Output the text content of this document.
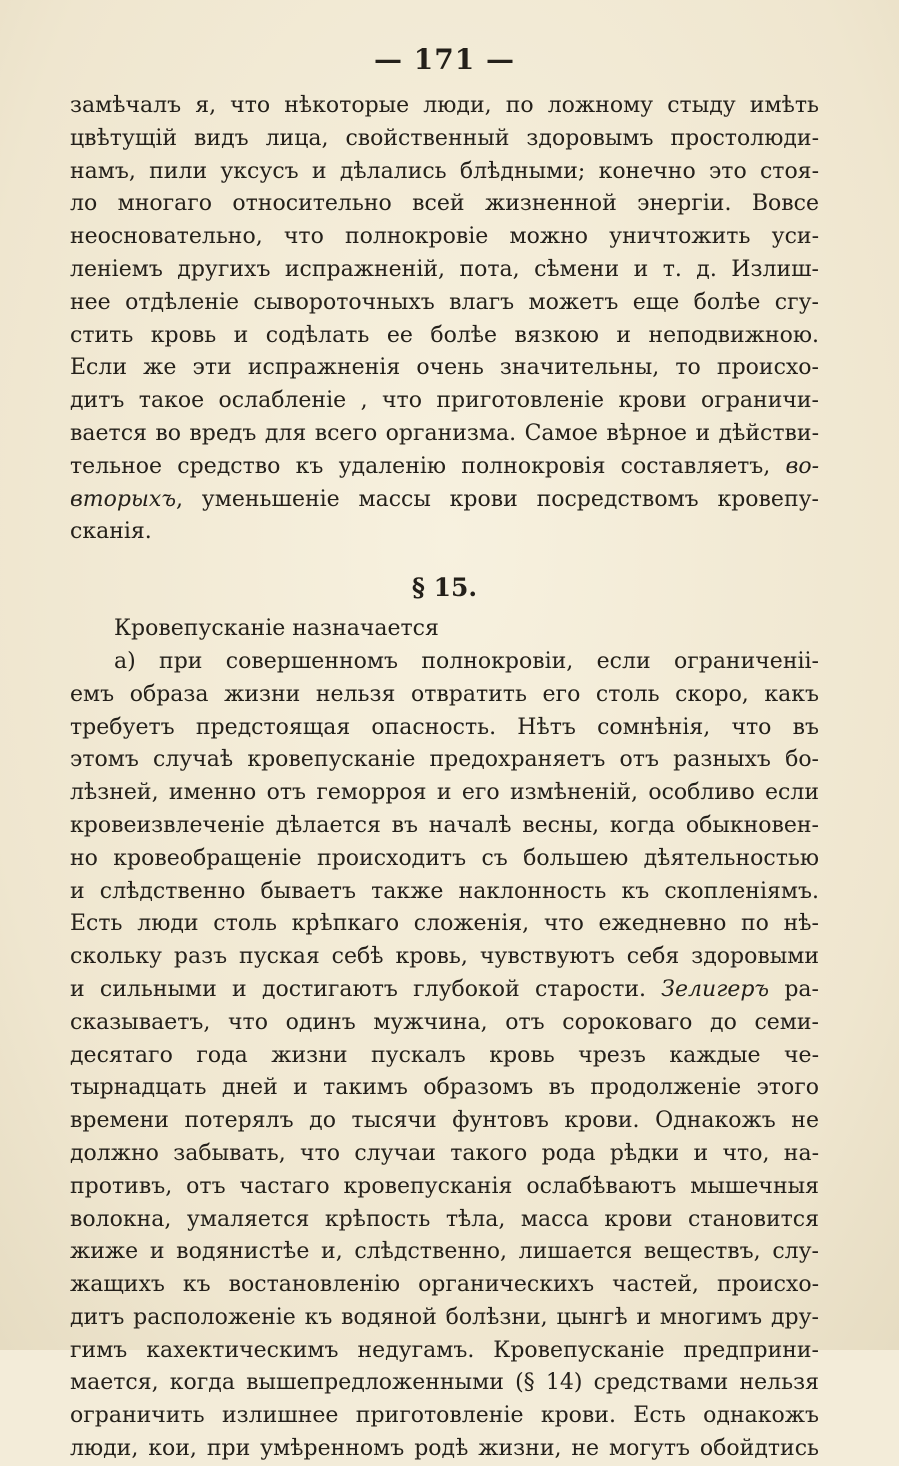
— 171 —
замѣчалъ я, что нѣкоторые люди, по ложному стыду имѣть
цвѣтущій видъ лица, свойственный здоровымъ простолюди-
намъ, пили уксусъ и дѣлались блѣдными; конечно это стоя-
ло многаго относительно всей жизненной энергіи. Вовсе
неосновательно, что полнокровіе можно уничтожить уси-
леніемъ другихъ испражненій, пота, сѣмени и т. д. Излиш-
нее отдѣленіе сывороточныхъ влагъ можетъ еще болѣе сгу-
стить кровь и содѣлать ее болѣе вязкою и неподвижною.
Если же эти испражненія очень значительны, то происхо-
дитъ такое ослабленіе , что приготовленіе крови ограничи-
вается во вредъ для всего организма. Самое вѣрное и дѣйстви-
тельное средство къ удаленію полнокровія составляетъ, во-
вторыхъ, уменьшеніе массы крови посредствомъ кровепу-
сканія.
§ 15.
Кровепусканіе назначается
а) при совершенномъ полнокровіи, если ограниченіі-
емъ образа жизни нельзя отвратить его столь скоро, какъ
требуетъ предстоящая опасность. Нѣтъ сомнѣнія, что въ
этомъ случаѣ кровепусканіе предохраняетъ отъ разныхъ бо-
лѣзней, именно отъ геморроя и его измѣненій, особливо если
кровеизвлеченіе дѣлается въ началѣ весны, когда обыкновен-
но кровеобращеніе происходитъ съ большею дѣятельностью
и слѣдственно бываетъ также наклонность къ скопленіямъ.
Есть люди столь крѣпкаго сложенія, что ежедневно по нѣ-
скольку разъ пуская себѣ кровь, чувствуютъ себя здоровыми
и сильными и достигаютъ глубокой старости. Зелигеръ ра-
сказываетъ, что одинъ мужчина, отъ сороковаго до семи-
десятаго года жизни пускалъ кровь чрезъ каждые че-
тырнадцать дней и такимъ образомъ въ продолженіе этого
времени потерялъ до тысячи фунтовъ крови. Однакожъ не
должно забывать, что случаи такого рода рѣдки и что, на-
противъ, отъ частаго кровепусканія ослабѣваютъ мышечныя
волокна, умаляется крѣпость тѣла, масса крови становится
жиже и водянистѣе и, слѣдственно, лишается веществъ, слу-
жащихъ къ востановленію органическихъ частей, происхо-
дитъ расположеніе къ водяной болѣзни, цынгѣ и многимъ дру-
гимъ кахектическимъ недугамъ. Кровепусканіе предприни-
мается, когда вышепредложенными (§ 14) средствами нельзя
ограничить излишнее приготовленіе крови. Есть однакожъ
люди, кои, при умѣренномъ родѣ жизни, не могутъ обойдтись
